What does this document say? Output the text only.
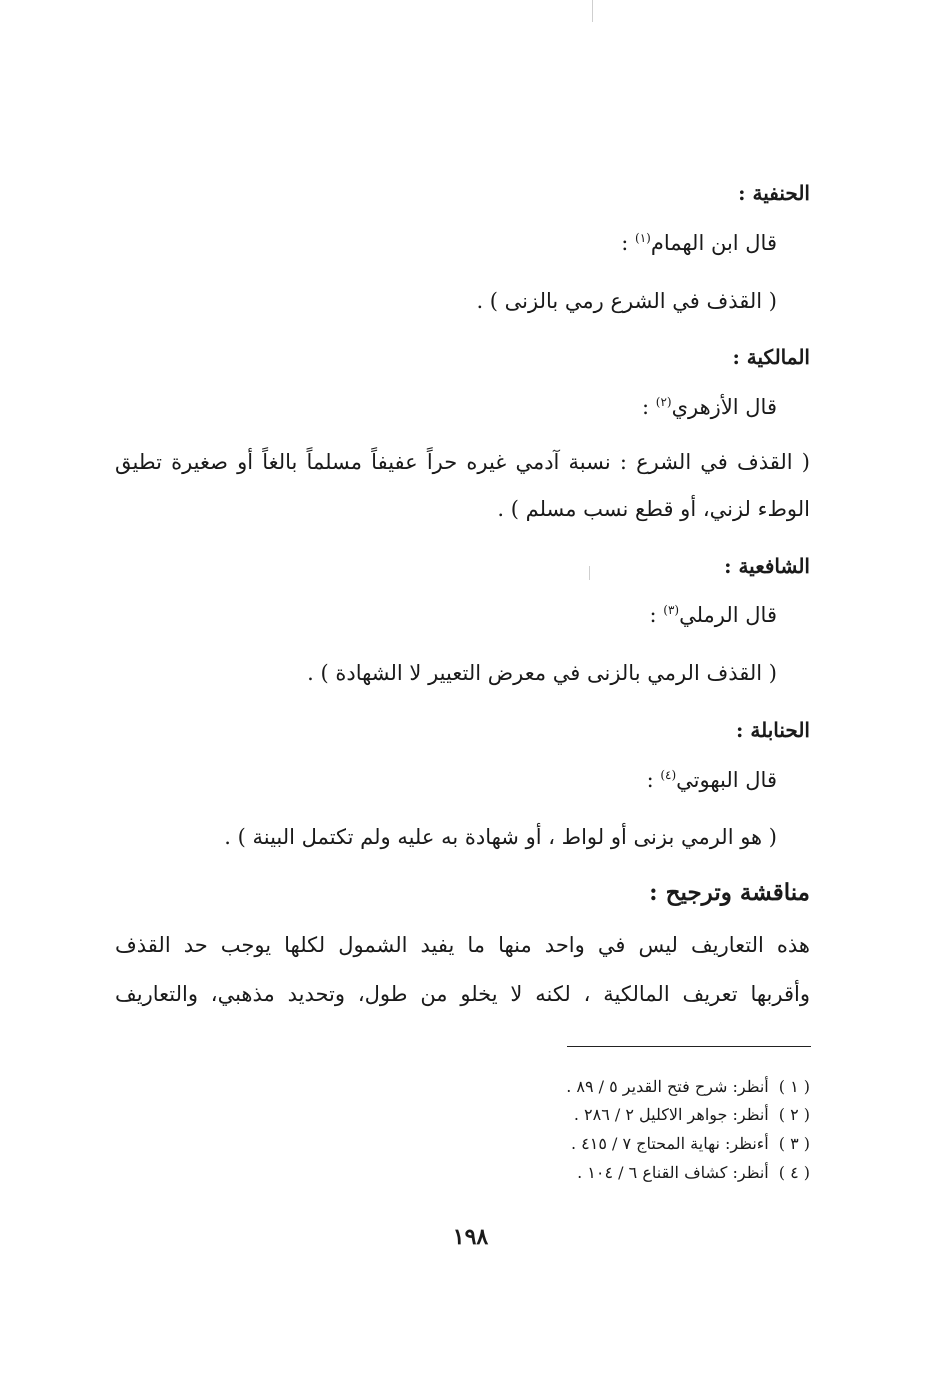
الحنفية :
قال ابن الهمام$^{(١)}$ :
( القذف في الشرع رمي بالزنى ) .
المالكية :
قال الأزهري$^{(٢)}$ :
( القذف في الشرع : نسبة آدمي غيره حراً عفيفاً مسلماً بالغاً أو صغيرة تطيق
الوطء لزني، أو قطع نسب مسلم ) .
الشافعية :
قال الرملي$^{(٣)}$ :
( القذف الرمي بالزنى في معرض التعيير لا الشهادة ) .
الحنابلة :
قال البهوتي$^{(٤)}$ :
( هو الرمي بزنى أو لواط ، أو شهادة به عليه ولم تكتمل البينة ) .
مناقشة وترجيح :
هذه التعاريف ليس في واحد منها ما يفيد الشمول لكلها يوجب حد القذف
وأقربها تعريف المالكية ، لكنه لا يخلو من طول، وتحديد مذهبي، والتعاريف
( ١ )أنظر: شرح فتح القدير ٥ / ٨٩ .
( ٢ )أنظر: جواهر الاكليل ٢ / ٢٨٦ .
( ٣ )أءنظر: نهاية المحتاج ٧ / ٤١٥ .
( ٤ )أنظر: كشاف القناع ٦ / ١٠٤ .
١٩٨
